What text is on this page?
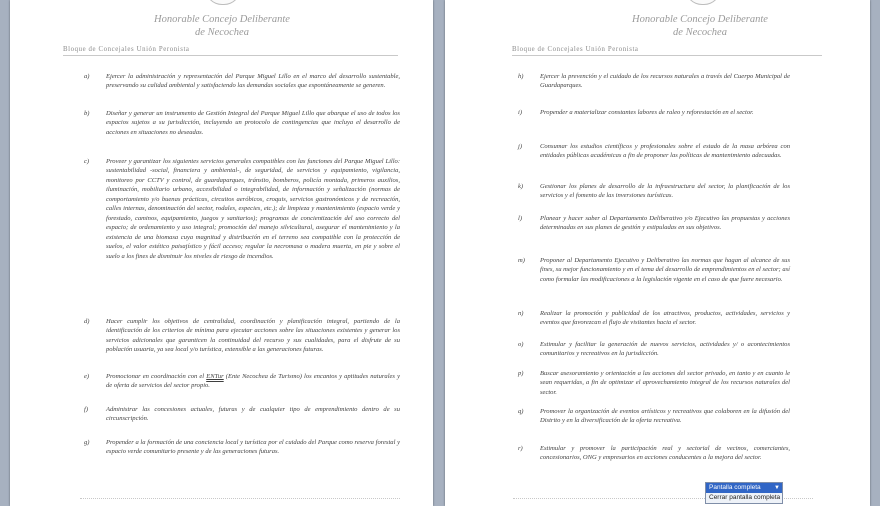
Honorable Concejo Deliberante
de Necochea
Bloque de Concejales Unión Peronista
a)	Ejercer la administración y representación del Parque Miguel Lillo en el marco del desarrollo sustentable, preservando su calidad ambiental y satisfaciendo las demandas sociales que espontáneamente se generen.
b)	Diseñar y generar un instrumento de Gestión Integral del Parque Miguel Lillo que abarque el uso de todos los espacios sujetos a su jurisdicción, incluyendo un protocolo de contingencias que incluya el desarrollo de acciones en situaciones no deseadas.
c)	Proveer y garantizar los siguientes servicios generales compatibles con las funciones del Parque Miguel Lillo: sustentabilidad -social, financiera y ambiental-, de seguridad, de servicios y equipamiento, vigilancia, monitoreo por CCTV y control, de guardaparques, tránsito, bomberos, policía montada, primeros auxilios, iluminación, mobiliario urbano, accesibilidad o integrabilidad, de información y señalización (normas de comportamiento y/o buenas prácticas, circuitos aeróbicos, croquis, servicios gastronómicos y de recreación, calles internas, denominación del sector, rodales, especies, etc.); de limpieza y mantenimiento (espacio verde y forestado, caminos, equipamiento, juegos y sanitarios); programas de concientización del uso correcto del espacio; de ordenamiento y uso integral; promoción del manejo silvicultural, asegurar el mantenimiento y la existencia de una biomasa cuya magnitud y distribución en el terreno sea compatible con la protección de suelos, el valor estético paisajístico y fácil acceso; regular la necromasa o madera muerta, en pie y sobre el suelo a los fines de disminuir los niveles de riesgo de incendios.
d)	Hacer cumplir los objetivos de centralidad, coordinación y planificación integral, partiendo de la identificación de los criterios de mínima para ejecutar acciones sobre las situaciones existentes y generar los servicios adicionales que garanticen la continuidad del recurso y sus cualidades, para el disfrute de su población usuaria, ya sea local y/o turística, extensible a las generaciones futuras.
e)	Promocionar en coordinación con el ENTur (Ente Necochea de Turismo) los encantos y aptitudes naturales y de oferta de servicios del sector propio.
f)	Administrar las concesiones actuales, futuras y de cualquier tipo de emprendimiento dentro de su circunscripción.
g)	Propender a la formación de una conciencia local y turística por el cuidado del Parque como reserva forestal y espacio verde comunitario presente y de las generaciones futuras.
Honorable Concejo Deliberante
de Necochea
Bloque de Concejales Unión Peronista
h)	Ejercer la prevención y el cuidado de los recursos naturales a través del Cuerpo Municipal de Guardaparques.
i)	Propender a materializar constantes labores de raleo y reforestación en el sector.
j)	Consumar los estudios científicos y profesionales sobre el estado de la masa arbórea con entidades públicas académicas a fin de proponer las políticas de mantenimiento adecuadas.
k)	Gestionar los planes de desarrollo de la infraestructura del sector, la planificación de los servicios y el fomento de las inversiones turísticas.
l)	Planear y hacer saber al Departamento Deliberativo y/o Ejecutivo las propuestas y acciones determinadas en sus planes de gestión y estipuladas en sus objetivos.
m)	Proponer al Departamento Ejecutivo y Deliberativo las normas que hagan al alcance de sus fines, su mejor funcionamiento y en el tema del desarrollo de emprendimientos en el sector; así como formular las modificaciones a la legislación vigente en el caso de que fuere necesario.
n)	Realizar la promoción y publicidad de los atractivos, productos, actividades, servicios y eventos que favorezcan el flujo de visitantes hacia el sector.
o)	Estimular y facilitar la generación de nuevos servicios, actividades y/ o acontecimientos comunitarios y recreativos en la jurisdicción.
p)	Buscar asesoramiento y orientación a las acciones del sector privado, en tanto y en cuanto le sean requeridas, a fin de optimizar el aprovechamiento integral de los recursos naturales del sector.
q)	Promover la organización de eventos artísticos y recreativos que colaboren en la difusión del Distrito y en la diversificación de la oferta recreativa.
r)	Estimular y promover la participación real y sectorial de vecinos, comerciantes, concesionarios, ONG y empresarios en acciones conducentes a la mejora del sector.
Pantalla completa ▼
Cerrar pantalla completa
